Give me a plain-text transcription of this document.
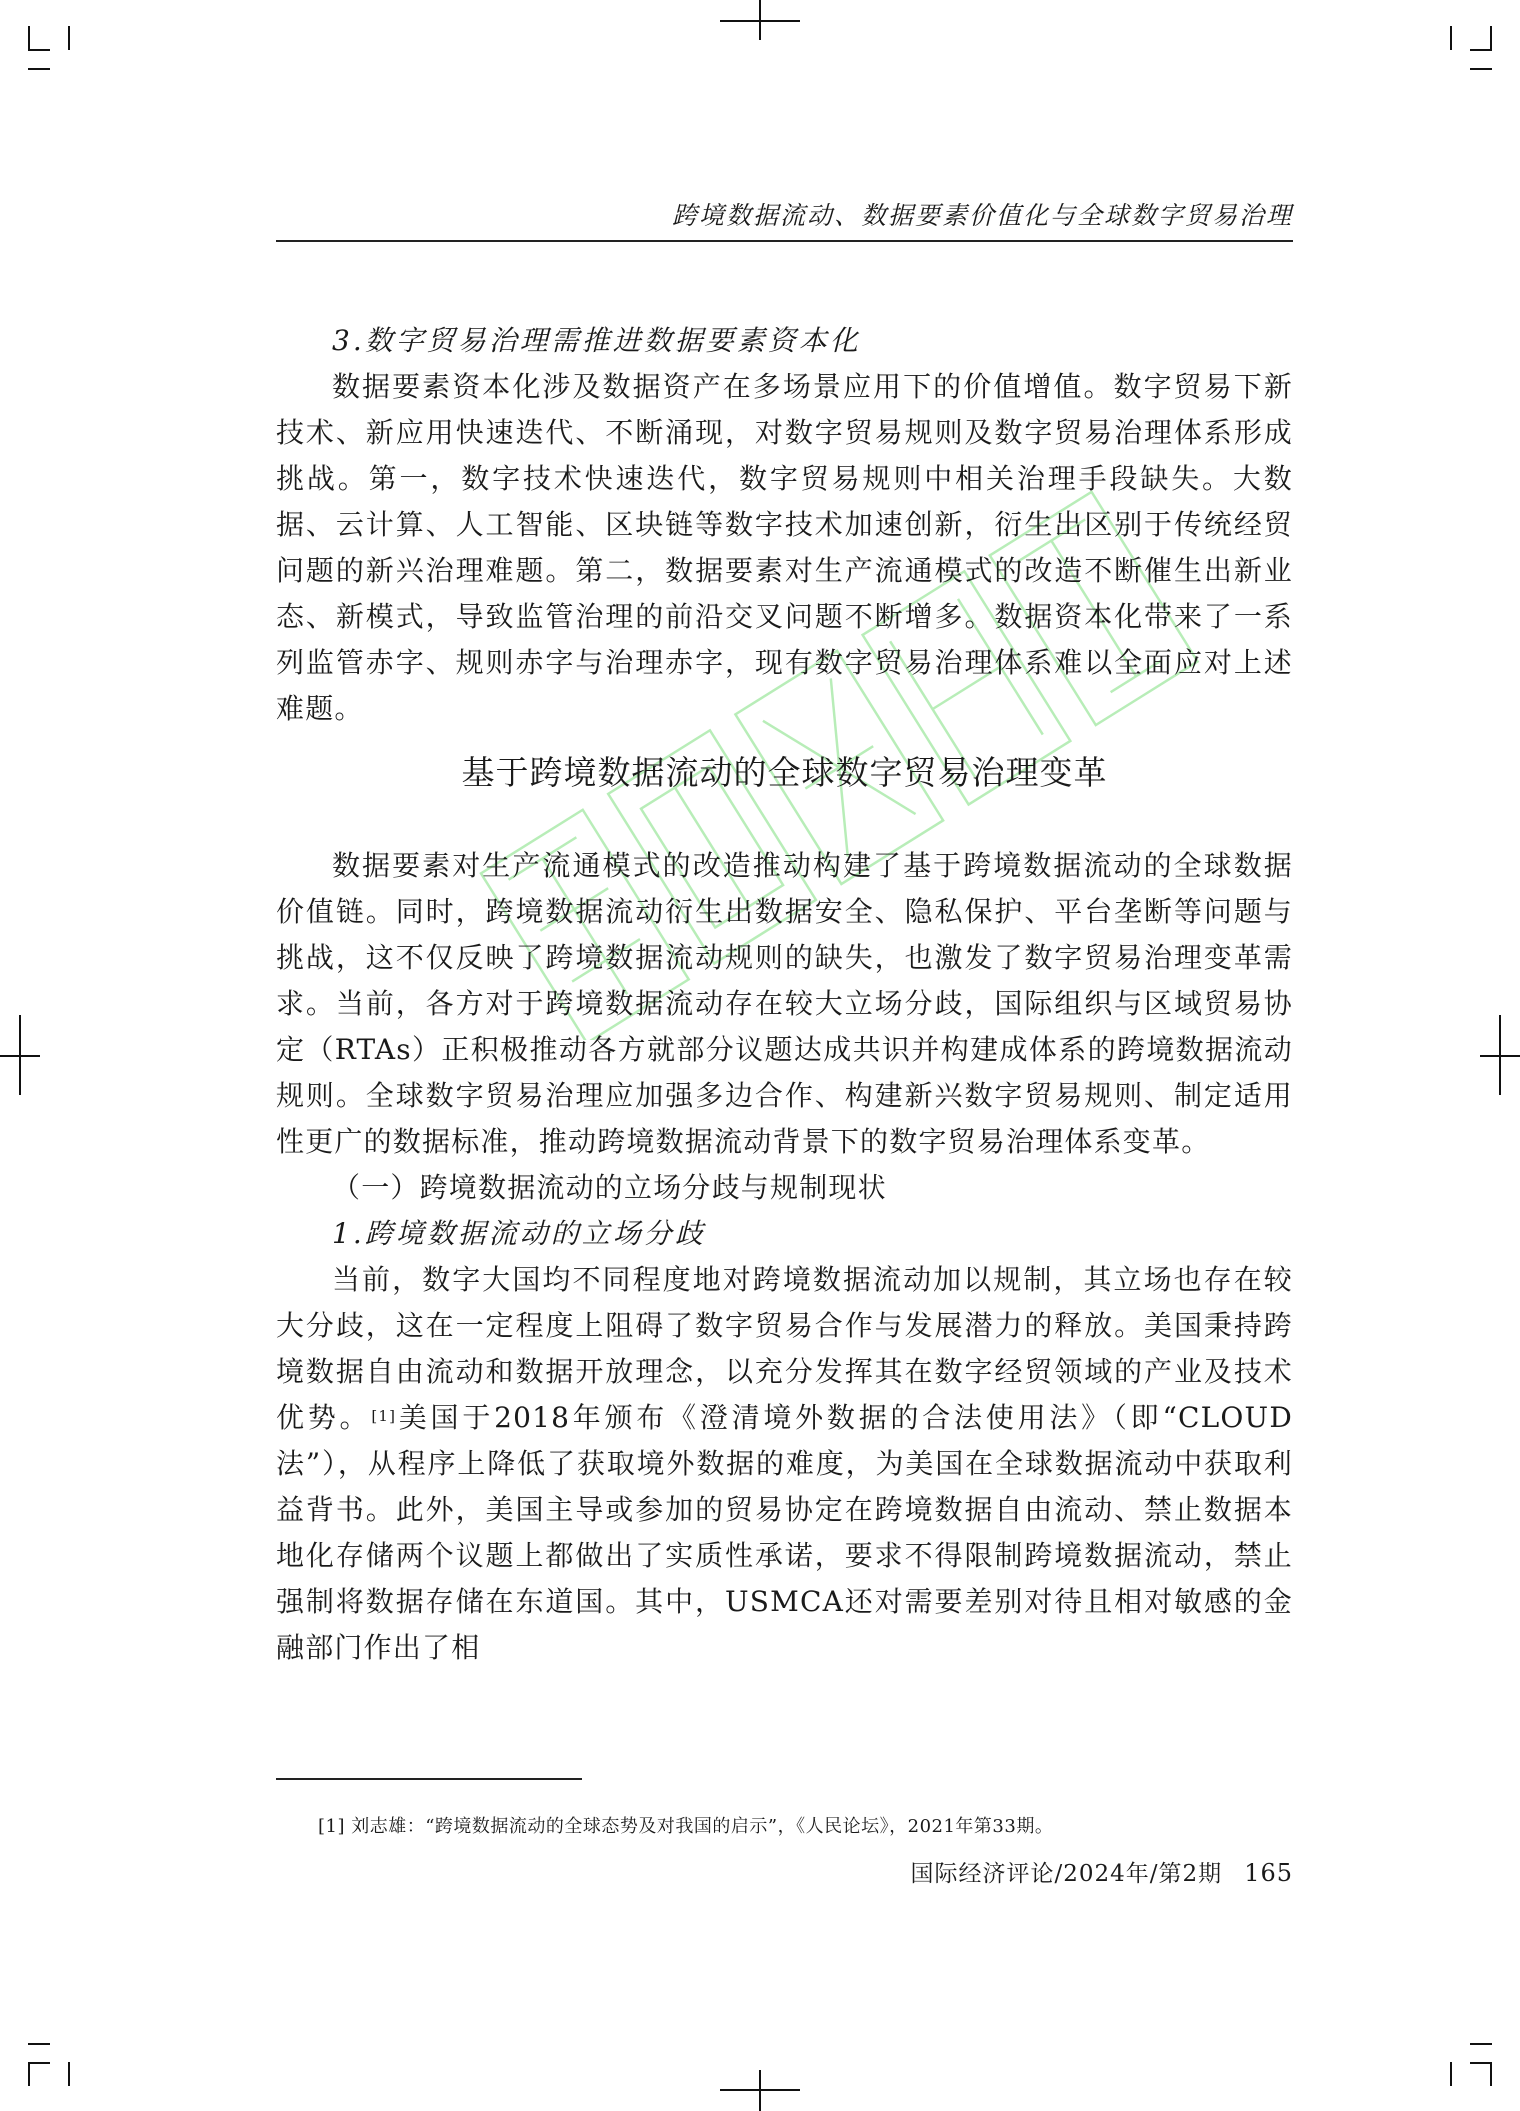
跨境数据流动、数据要素价值化与全球数字贸易治理
3.数字贸易治理需推进数据要素资本化

数据要素资本化涉及数据资产在多场景应用下的价值增值。数字贸易下新技术、新应用快速迭代、不断涌现，对数字贸易规则及数字贸易治理体系形成挑战。第一，数字技术快速迭代，数字贸易规则中相关治理手段缺失。大数据、云计算、人工智能、区块链等数字技术加速创新，衍生出区别于传统经贸问题的新兴治理难题。第二，数据要素对生产流通模式的改造不断催生出新业态、新模式，导致监管治理的前沿交叉问题不断增多。数据资本化带来了一系列监管赤字、规则赤字与治理赤字，现有数字贸易治理体系难以全面应对上述难题。

基于跨境数据流动的全球数字贸易治理变革

数据要素对生产流通模式的改造推动构建了基于跨境数据流动的全球数据价值链。同时，跨境数据流动衍生出数据安全、隐私保护、平台垄断等问题与挑战，这不仅反映了跨境数据流动规则的缺失，也激发了数字贸易治理变革需求。当前，各方对于跨境数据流动存在较大立场分歧，国际组织与区域贸易协定（RTAs）正积极推动各方就部分议题达成共识并构建成体系的跨境数据流动规则。全球数字贸易治理应加强多边合作、构建新兴数字贸易规则、制定适用性更广的数据标准，推动跨境数据流动背景下的数字贸易治理体系变革。

（一）跨境数据流动的立场分歧与规制现状
1.跨境数据流动的立场分歧

当前，数字大国均不同程度地对跨境数据流动加以规制，其立场也存在较大分歧，这在一定程度上阻碍了数字贸易合作与发展潜力的释放。美国秉持跨境数据自由流动和数据开放理念，以充分发挥其在数字经贸领域的产业及技术优势。[1]美国于2018年颁布《澄清境外数据的合法使用法》（即“CLOUD法”），从程序上降低了获取境外数据的难度，为美国在全球数据流动中获取利益背书。此外，美国主导或参加的贸易协定在跨境数据自由流动、禁止数据本地化存储两个议题上都做出了实质性承诺，要求不得限制跨境数据流动，禁止强制将数据存储在东道国。其中，USMCA还对需要差别对待且相对敏感的金融部门作出了相

[1] 刘志雄：“跨境数据流动的全球态势及对我国的启示”，《人民论坛》，2021年第33期。
国际经济评论/2024年/第2期 165
